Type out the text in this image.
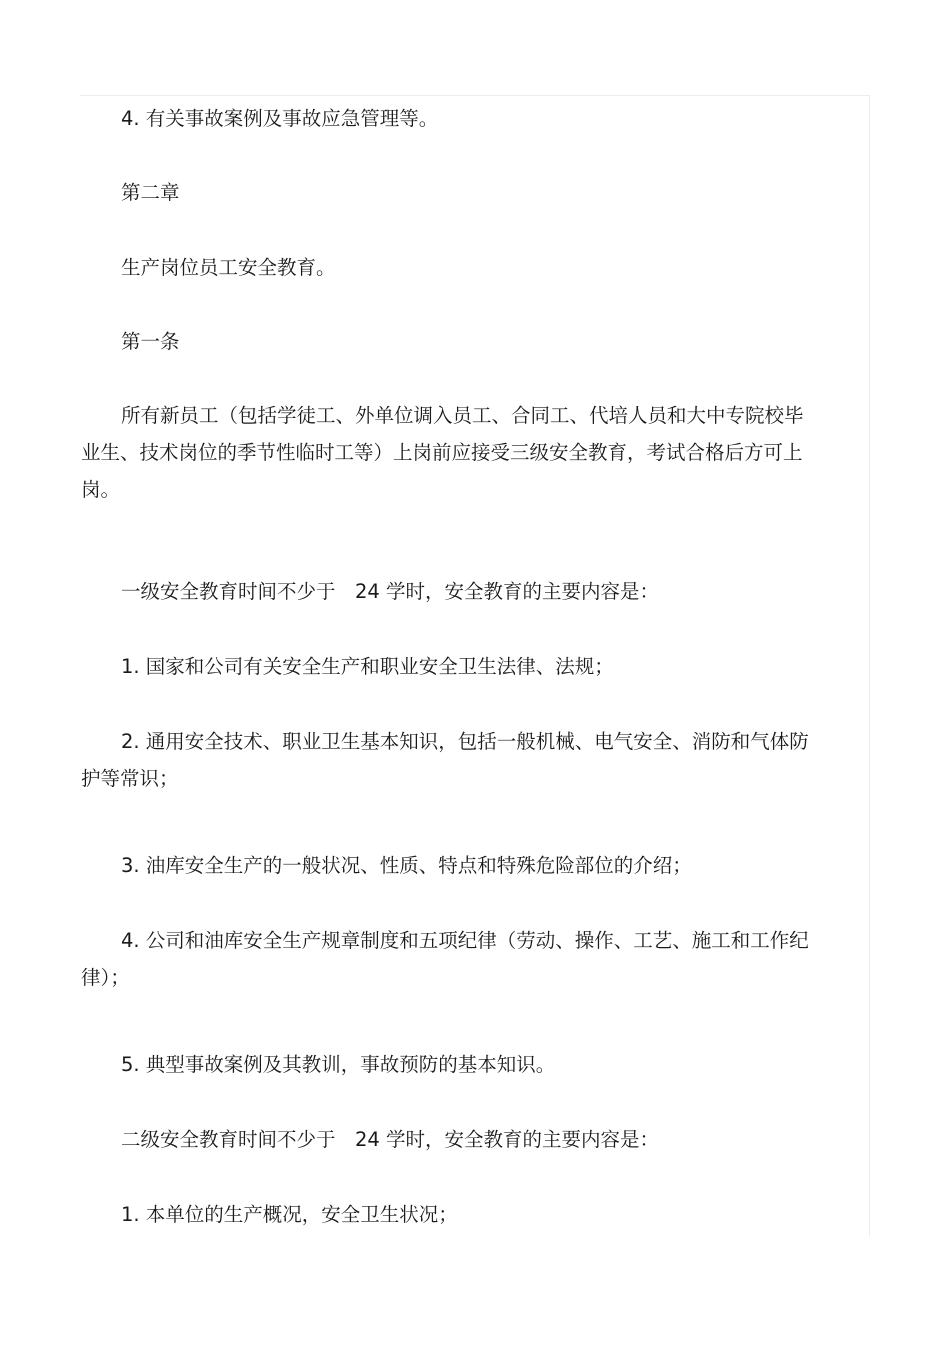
4. 有关事故案例及事故应急管理等。

第二章

生产岗位员工安全教育。

第一条

所有新员工（包括学徒工、外单位调入员工、合同工、代培人员和大中专院校毕业生、技术岗位的季节性临时工等）上岗前应接受三级安全教育，考试合格后方可上岗。

一级安全教育时间不少于　24 学时，安全教育的主要内容是：

1. 国家和公司有关安全生产和职业安全卫生法律、法规；

2. 通用安全技术、职业卫生基本知识，包括一般机械、电气安全、消防和气体防护等常识；

3. 油库安全生产的一般状况、性质、特点和特殊危险部位的介绍；

4. 公司和油库安全生产规章制度和五项纪律（劳动、操作、工艺、施工和工作纪律）；

5. 典型事故案例及其教训，事故预防的基本知识。

二级安全教育时间不少于　24 学时，安全教育的主要内容是：

1. 本单位的生产概况，安全卫生状况；
